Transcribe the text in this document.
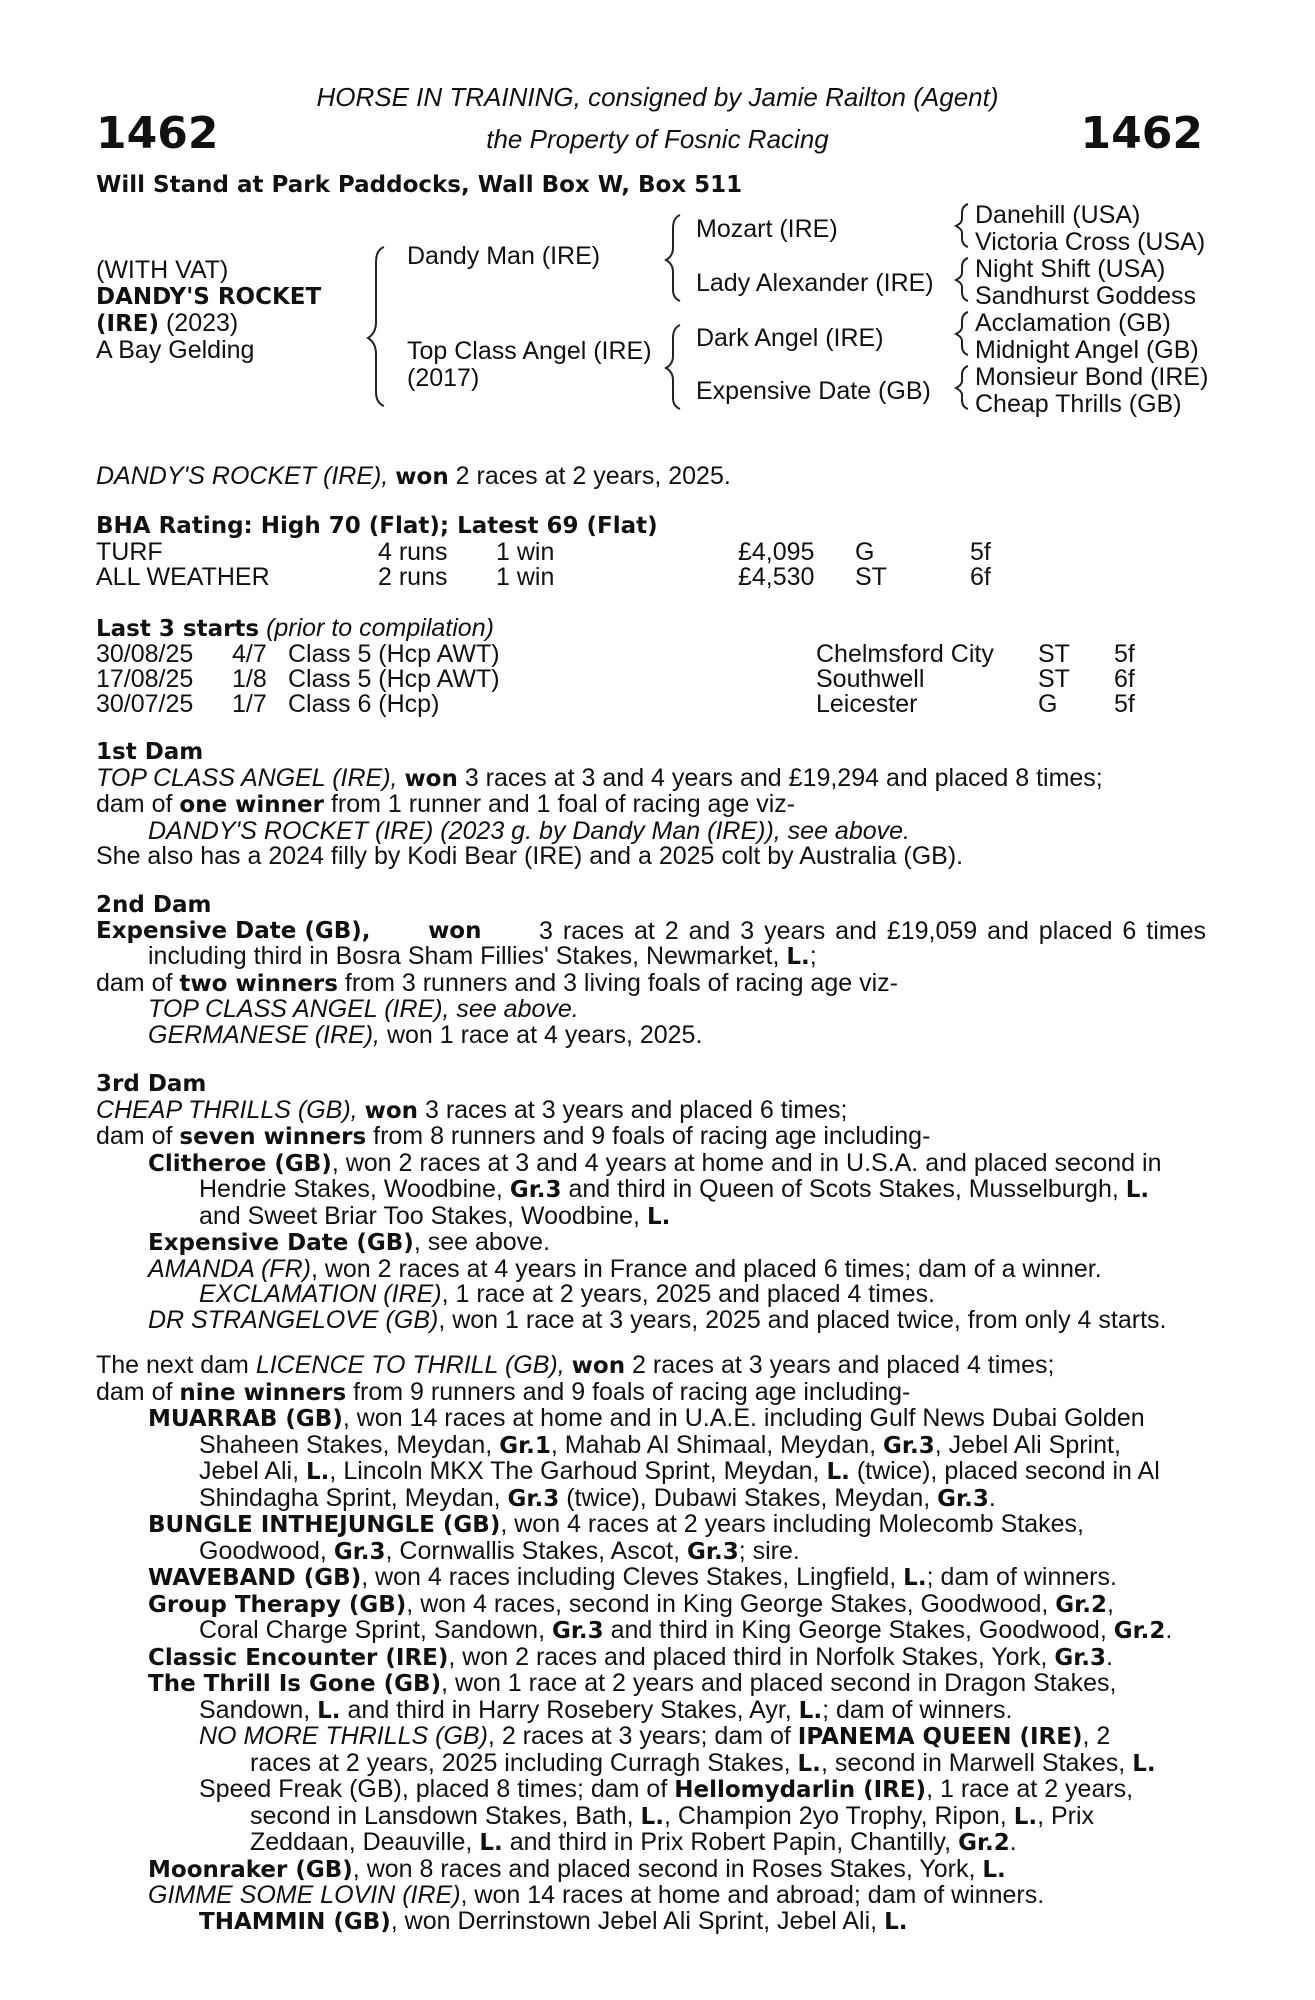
1462	1462
HORSE IN TRAINING, consigned by Jamie Railton (Agent)
the Property of Fosnic Racing
Will Stand at Park Paddocks, Wall Box W, Box 511
(WITH VAT)
DANDY'S ROCKET
(IRE) (2023)
A Bay Gelding
Dandy Man (IRE)
Top Class Angel (IRE)
(2017)
Mozart (IRE)
Lady Alexander (IRE)
Dark Angel (IRE)
Expensive Date (GB)
Danehill (USA)
Victoria Cross (USA)
Night Shift (USA)
Sandhurst Goddess
Acclamation (GB)
Midnight Angel (GB)
Monsieur Bond (IRE)
Cheap Thrills (GB)
DANDY'S ROCKET (IRE), won 2 races at 2 years, 2025.
BHA Rating: High 70 (Flat); Latest 69 (Flat)
TURF	4 runs 1 win	£4,095 G	5f
ALL WEATHER	2 runs 1 win	£4,530 ST	6f
Last 3 starts (prior to compilation)
30/08/25 4/7 Class 5 (Hcp AWT)	Chelmsford City ST 5f
17/08/25 1/8 Class 5 (Hcp AWT)	Southwell	ST 6f
30/07/25 1/7 Class 6 (Hcp)	Leicester	G 5f
1st Dam
TOP CLASS ANGEL (IRE), won 3 races at 3 and 4 years and £19,294 and placed 8 times;
dam of one winner from 1 runner and 1 foal of racing age viz-
DANDY'S ROCKET (IRE) (2023 g. by Dandy Man (IRE)), see above.
She also has a 2024 filly by Kodi Bear (IRE) and a 2025 colt by Australia (GB).
2nd Dam
Expensive Date (GB),	won 3 races at 2 and 3 years and £19,059 and placed 6 times
including third in Bosra Sham Fillies' Stakes, Newmarket, L.;
dam of two winners from 3 runners and 3 living foals of racing age viz-
TOP CLASS ANGEL (IRE), see above.
GERMANESE (IRE), won 1 race at 4 years, 2025.
3rd Dam
CHEAP THRILLS (GB), won 3 races at 3 years and placed 6 times;
dam of seven winners from 8 runners and 9 foals of racing age including-
Clitheroe (GB), won 2 races at 3 and 4 years at home and in U.S.A. and placed second in
Hendrie Stakes, Woodbine, Gr.3 and third in Queen of Scots Stakes, Musselburgh, L.
and Sweet Briar Too Stakes, Woodbine, L.
Expensive Date (GB), see above.
AMANDA (FR), won 2 races at 4 years in France and placed 6 times; dam of a winner.
EXCLAMATION (IRE), 1 race at 2 years, 2025 and placed 4 times.
DR STRANGELOVE (GB), won 1 race at 3 years, 2025 and placed twice, from only 4 starts.
The next dam LICENCE TO THRILL (GB), won 2 races at 3 years and placed 4 times;
dam of nine winners from 9 runners and 9 foals of racing age including-
MUARRAB (GB), won 14 races at home and in U.A.E. including Gulf News Dubai Golden
Shaheen Stakes, Meydan, Gr.1, Mahab Al Shimaal, Meydan, Gr.3, Jebel Ali Sprint,
Jebel Ali, L., Lincoln MKX The Garhoud Sprint, Meydan, L. (twice), placed second in Al
Shindagha Sprint, Meydan, Gr.3 (twice), Dubawi Stakes, Meydan, Gr.3.
BUNGLE INTHEJUNGLE (GB), won 4 races at 2 years including Molecomb Stakes,
Goodwood, Gr.3, Cornwallis Stakes, Ascot, Gr.3; sire.
WAVEBAND (GB), won 4 races including Cleves Stakes, Lingfield, L.; dam of winners.
Group Therapy (GB), won 4 races, second in King George Stakes, Goodwood, Gr.2,
Coral Charge Sprint, Sandown, Gr.3 and third in King George Stakes, Goodwood, Gr.2.
Classic Encounter (IRE), won 2 races and placed third in Norfolk Stakes, York, Gr.3.
The Thrill Is Gone (GB), won 1 race at 2 years and placed second in Dragon Stakes,
Sandown, L. and third in Harry Rosebery Stakes, Ayr, L.; dam of winners.
NO MORE THRILLS (GB), 2 races at 3 years; dam of IPANEMA QUEEN (IRE), 2
races at 2 years, 2025 including Curragh Stakes, L., second in Marwell Stakes, L.
Speed Freak (GB), placed 8 times; dam of Hellomydarlin (IRE), 1 race at 2 years,
second in Lansdown Stakes, Bath, L., Champion 2yo Trophy, Ripon, L., Prix
Zeddaan, Deauville, L. and third in Prix Robert Papin, Chantilly, Gr.2.
Moonraker (GB), won 8 races and placed second in Roses Stakes, York, L.
GIMME SOME LOVIN (IRE), won 14 races at home and abroad; dam of winners.
THAMMIN (GB), won Derrinstown Jebel Ali Sprint, Jebel Ali, L.
